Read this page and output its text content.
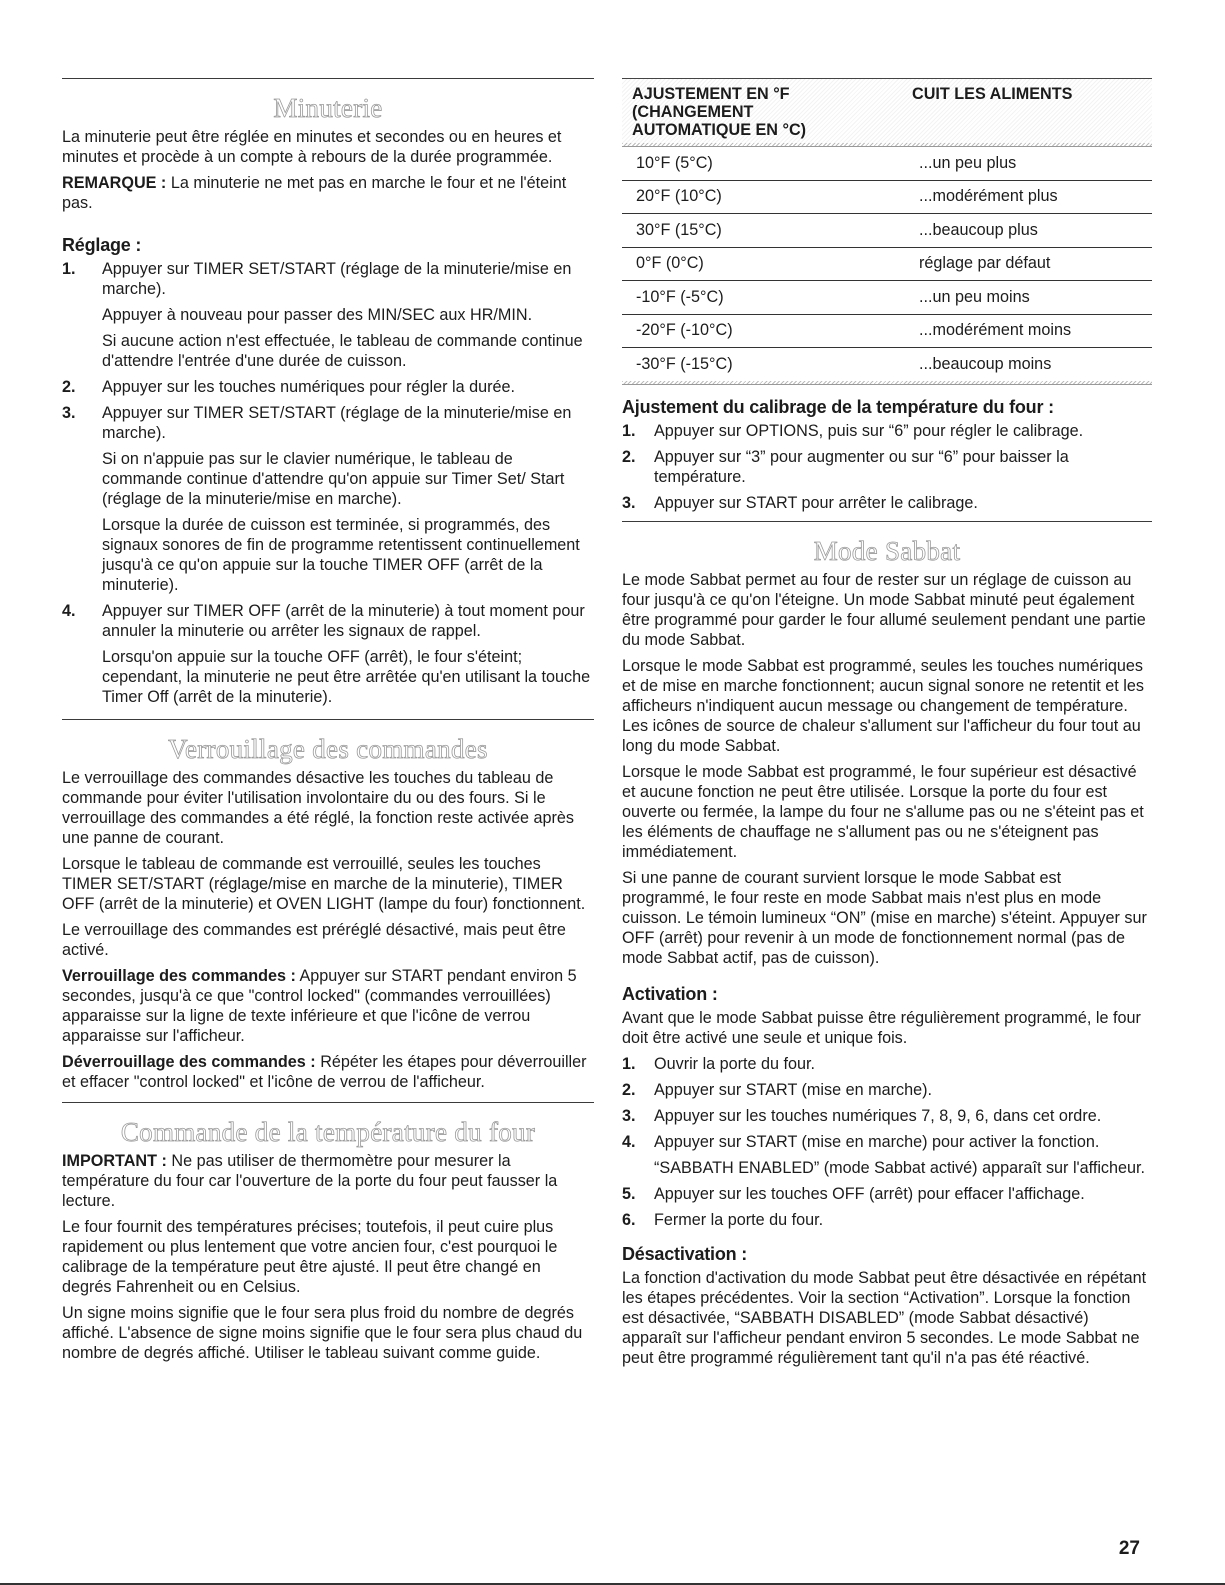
Minuterie

La minuterie peut être réglée en minutes et secondes ou en heures et minutes et procède à un compte à rebours de la durée programmée.

REMARQUE : La minuterie ne met pas en marche le four et ne l'éteint pas.

Réglage :
1. Appuyer sur TIMER SET/START (réglage de la minuterie/mise en marche).

Appuyer à nouveau pour passer des MIN/SEC aux HR/MIN.

Si aucune action n'est effectuée, le tableau de commande continue d'attendre l'entrée d'une durée de cuisson.

2. Appuyer sur les touches numériques pour régler la durée.

3. Appuyer sur TIMER SET/START (réglage de la minuterie/mise en marche).

Si on n'appuie pas sur le clavier numérique, le tableau de commande continue d'attendre qu'on appuie sur Timer Set/ Start (réglage de la minuterie/mise en marche).

Lorsque la durée de cuisson est terminée, si programmés, des signaux sonores de fin de programme retentissent continuellement jusqu'à ce qu'on appuie sur la touche TIMER OFF (arrêt de la minuterie).

4. Appuyer sur TIMER OFF (arrêt de la minuterie) à tout moment pour annuler la minuterie ou arrêter les signaux de rappel.

Lorsqu'on appuie sur la touche OFF (arrêt), le four s'éteint; cependant, la minuterie ne peut être arrêtée qu'en utilisant la touche Timer Off (arrêt de la minuterie).

Verrouillage des commandes

Le verrouillage des commandes désactive les touches du tableau de commande pour éviter l'utilisation involontaire du ou des fours. Si le verrouillage des commandes a été réglé, la fonction reste activée après une panne de courant.

Lorsque le tableau de commande est verrouillé, seules les touches TIMER SET/START (réglage/mise en marche de la minuterie), TIMER OFF (arrêt de la minuterie) et OVEN LIGHT (lampe du four) fonctionnent.

Le verrouillage des commandes est préréglé désactivé, mais peut être activé.

Verrouillage des commandes : Appuyer sur START pendant environ 5 secondes, jusqu'à ce que "control locked" (commandes verrouillées) apparaisse sur la ligne de texte inférieure et que l'icône de verrou apparaisse sur l'afficheur.

Déverrouillage des commandes : Répéter les étapes pour déverrouiller et effacer "control locked" et l'icône de verrou de l'afficheur.

Commande de la température du four

IMPORTANT : Ne pas utiliser de thermomètre pour mesurer la température du four car l'ouverture de la porte du four peut fausser la lecture.

Le four fournit des températures précises; toutefois, il peut cuire plus rapidement ou plus lentement que votre ancien four, c'est pourquoi le calibrage de la température peut être ajusté. Il peut être changé en degrés Fahrenheit ou en Celsius.

Un signe moins signifie que le four sera plus froid du nombre de degrés affiché. L'absence de signe moins signifie que le four sera plus chaud du nombre de degrés affiché. Utiliser le tableau suivant comme guide.

AJUSTEMENT EN °F
(CHANGEMENT
AUTOMATIQUE EN °C)
CUIT LES ALIMENTS
10°F (5°C)	...un peu plus
20°F (10°C)	...modérément plus
30°F (15°C)	...beaucoup plus
0°F (0°C)	réglage par défaut
-10°F (-5°C)	...un peu moins
-20°F (-10°C)	...modérément moins
-30°F (-15°C)	...beaucoup moins
Ajustement du calibrage de la température du four :
1. Appuyer sur OPTIONS, puis sur “6” pour régler le calibrage.

2. Appuyer sur “3” pour augmenter ou sur “6” pour baisser la température.

3. Appuyer sur START pour arrêter le calibrage.

Mode Sabbat

Le mode Sabbat permet au four de rester sur un réglage de cuisson au four jusqu'à ce qu'on l'éteigne. Un mode Sabbat minuté peut également être programmé pour garder le four allumé seulement pendant une partie du mode Sabbat.

Lorsque le mode Sabbat est programmé, seules les touches numériques et de mise en marche fonctionnent; aucun signal sonore ne retentit et les afficheurs n'indiquent aucun message ou changement de température. Les icônes de source de chaleur s'allument sur l'afficheur du four tout au long du mode Sabbat.

Lorsque le mode Sabbat est programmé, le four supérieur est désactivé et aucune fonction ne peut être utilisée. Lorsque la porte du four est ouverte ou fermée, la lampe du four ne s'allume pas ou ne s'éteint pas et les éléments de chauffage ne s'allument pas ou ne s'éteignent pas immédiatement.

Si une panne de courant survient lorsque le mode Sabbat est programmé, le four reste en mode Sabbat mais n'est plus en mode cuisson. Le témoin lumineux “ON” (mise en marche) s'éteint. Appuyer sur OFF (arrêt) pour revenir à un mode de fonctionnement normal (pas de mode Sabbat actif, pas de cuisson).

Activation :

Avant que le mode Sabbat puisse être régulièrement programmé, le four doit être activé une seule et unique fois.

1. Ouvrir la porte du four.

2. Appuyer sur START (mise en marche).

3. Appuyer sur les touches numériques 7, 8, 9, 6, dans cet ordre.

4. Appuyer sur START (mise en marche) pour activer la fonction.

“SABBATH ENABLED” (mode Sabbat activé) apparaît sur l'afficheur.

5. Appuyer sur les touches OFF (arrêt) pour effacer l'affichage.

6. Fermer la porte du four.

Désactivation :

La fonction d'activation du mode Sabbat peut être désactivée en répétant les étapes précédentes. Voir la section “Activation”. Lorsque la fonction est désactivée, “SABBATH DISABLED” (mode Sabbat désactivé) apparaît sur l'afficheur pendant environ 5 secondes. Le mode Sabbat ne peut être programmé régulièrement tant qu'il n'a pas été réactivé.

27
